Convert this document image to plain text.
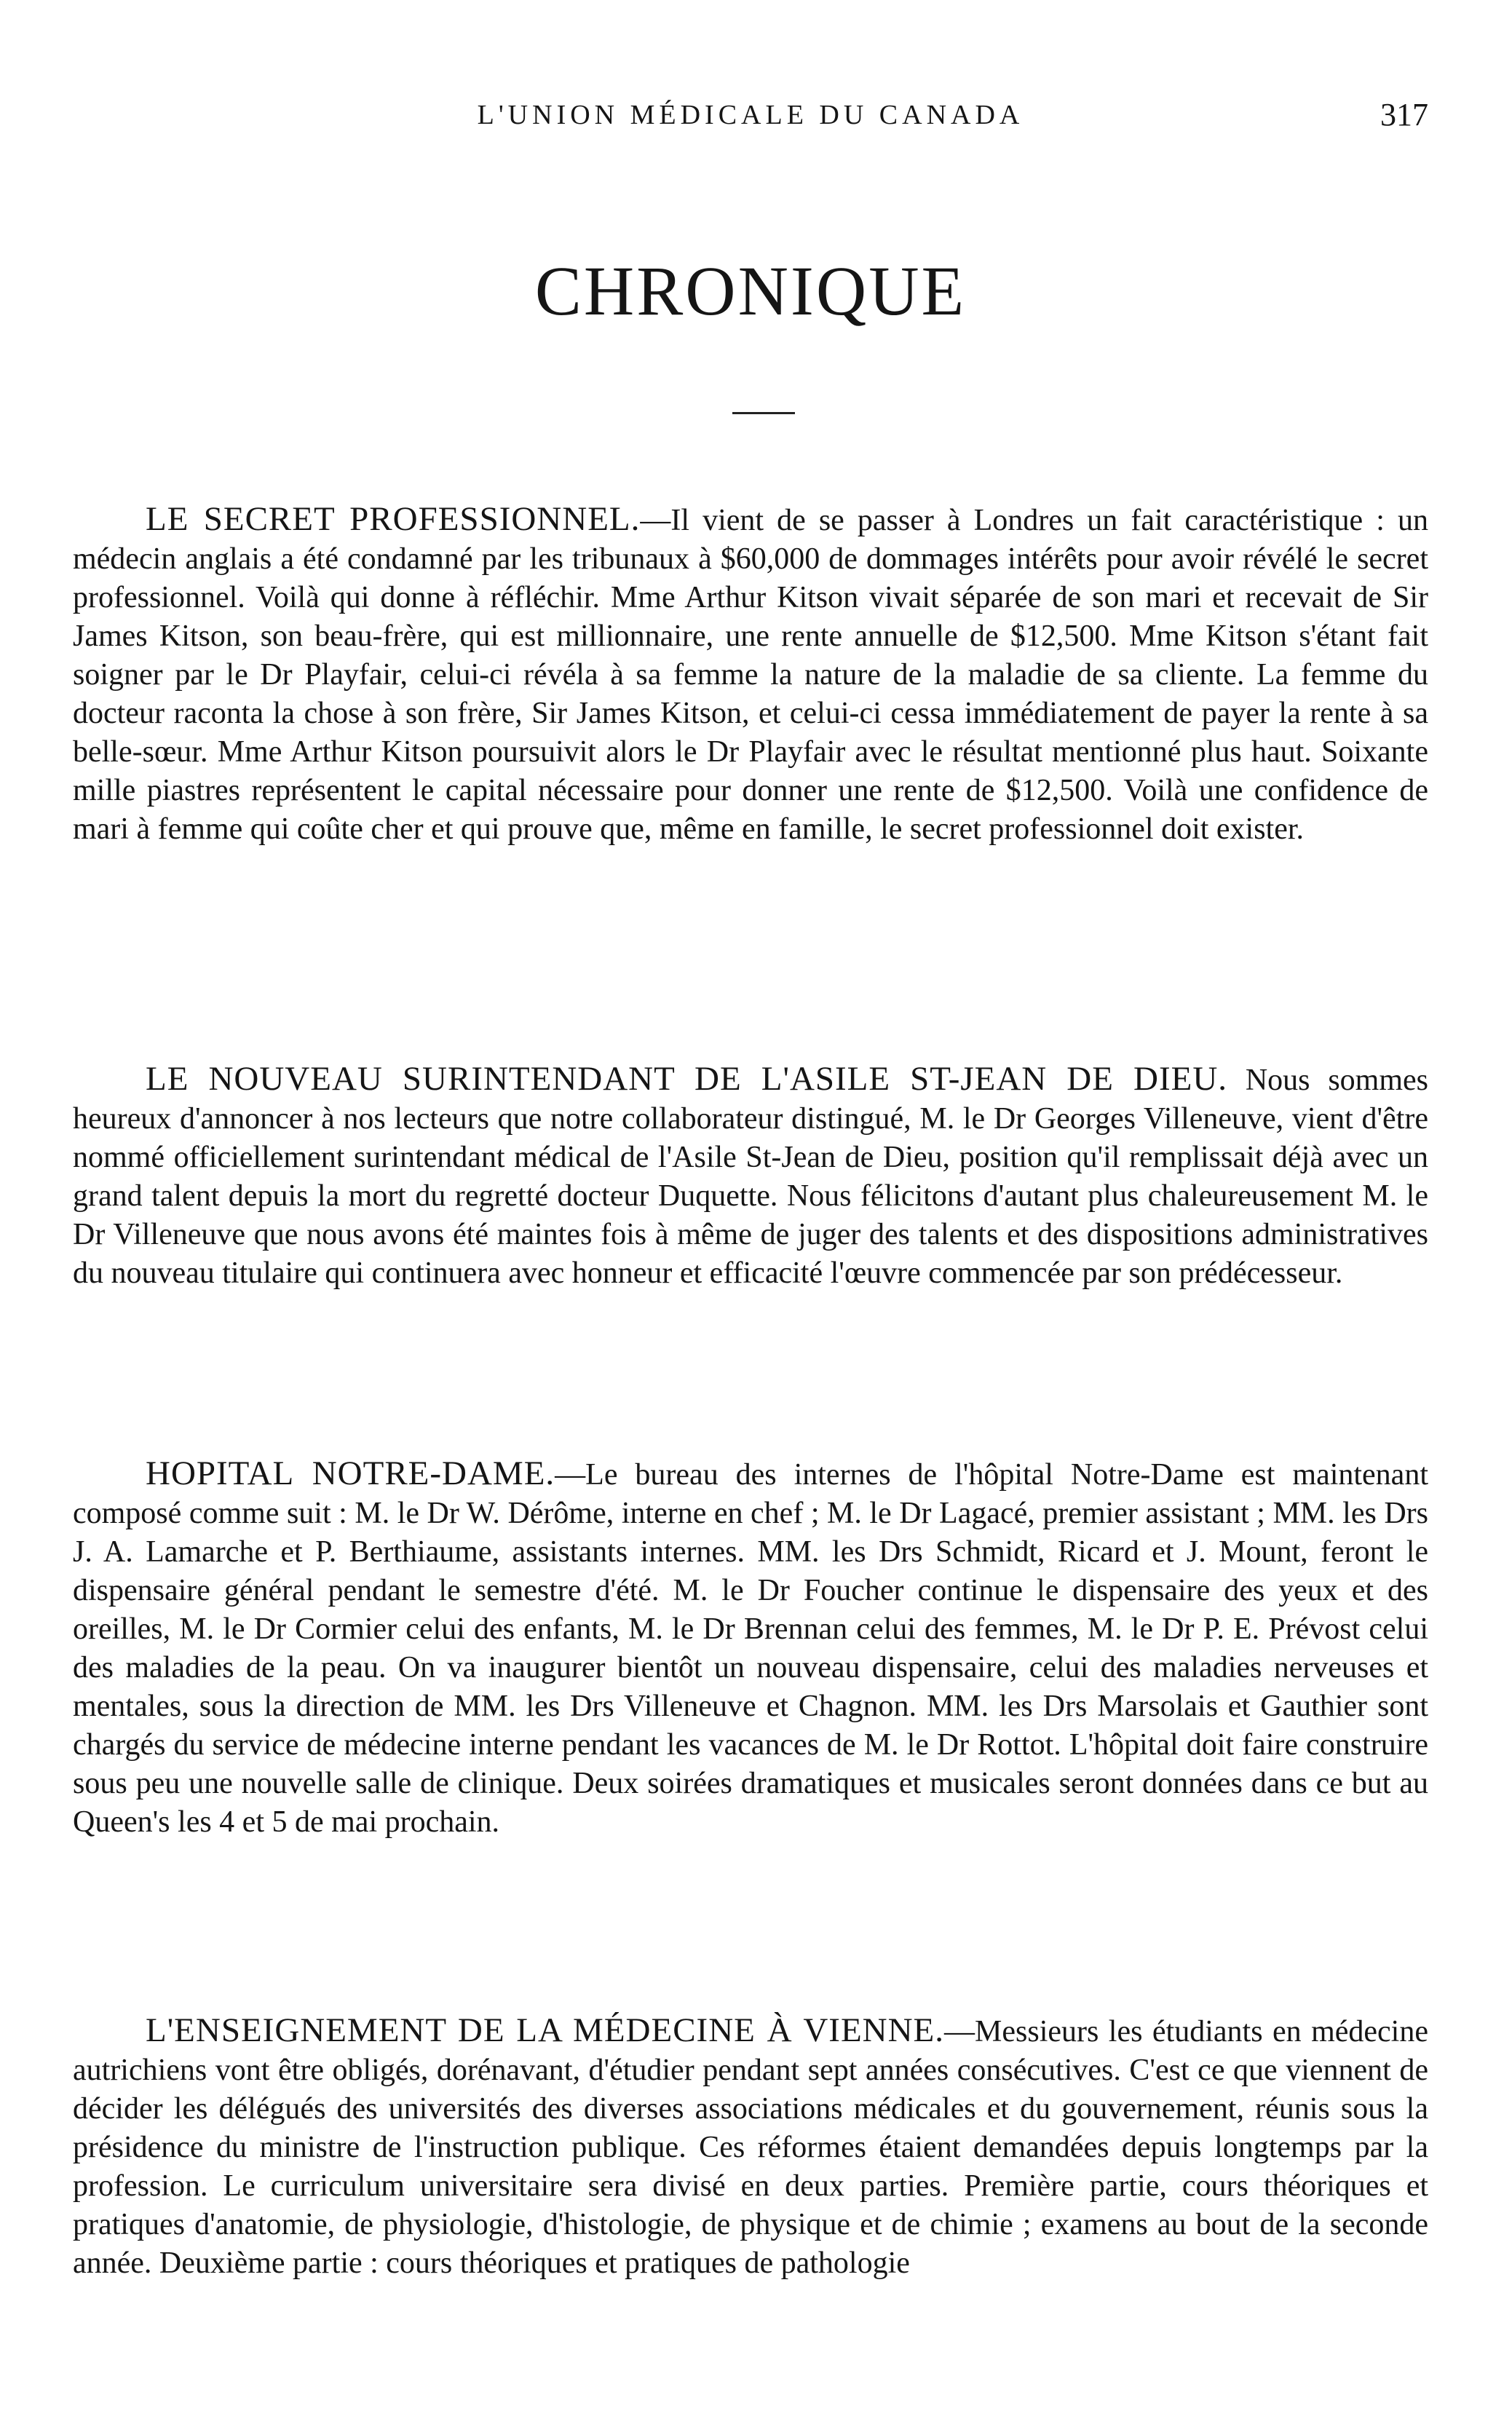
L'UNION MÉDICALE DU CANADA	317
CHRONIQUE

LE SECRET PROFESSIONNEL.—Il vient de se passer à Londres un fait caractéristique : un médecin anglais a été condamné par les tribunaux à $60,000 de dommages intérêts pour avoir révélé le secret professionnel. Voilà qui donne à réfléchir. Mme Arthur Kitson vivait séparée de son mari et recevait de Sir James Kitson, son beau-frère, qui est millionnaire, une rente annuelle de $12,500. Mme Kitson s'étant fait soigner par le Dr Playfair, celui-ci révéla à sa femme la nature de la maladie de sa cliente. La femme du docteur raconta la chose à son frère, Sir James Kitson, et celui-ci cessa immédiatement de payer la rente à sa belle-sœur. Mme Arthur Kitson poursuivit alors le Dr Playfair avec le résultat mentionné plus haut. Soixante mille piastres représentent le capital nécessaire pour donner une rente de $12,500. Voilà une confidence de mari à femme qui coûte cher et qui prouve que, même en famille, le secret professionnel doit exister.

LE NOUVEAU SURINTENDANT DE L'ASILE ST-JEAN DE DIEU. Nous sommes heureux d'annoncer à nos lecteurs que notre collaborateur distingué, M. le Dr Georges Villeneuve, vient d'être nommé officiellement surintendant médical de l'Asile St-Jean de Dieu, position qu'il remplissait déjà avec un grand talent depuis la mort du regretté docteur Duquette. Nous félicitons d'autant plus chaleureusement M. le Dr Villeneuve que nous avons été maintes fois à même de juger des talents et des dispositions administratives du nouveau titulaire qui continuera avec honneur et efficacité l'œuvre commencée par son prédécesseur.

HOPITAL NOTRE-DAME.—Le bureau des internes de l'hôpital Notre-Dame est maintenant composé comme suit : M. le Dr W. Dérôme, interne en chef ; M. le Dr Lagacé, premier assistant ; MM. les Drs J. A. Lamarche et P. Berthiaume, assistants internes. MM. les Drs Schmidt, Ricard et J. Mount, feront le dispensaire général pendant le semestre d'été. M. le Dr Foucher continue le dispensaire des yeux et des oreilles, M. le Dr Cormier celui des enfants, M. le Dr Brennan celui des femmes, M. le Dr P. E. Prévost celui des maladies de la peau. On va inaugurer bientôt un nouveau dispensaire, celui des maladies nerveuses et mentales, sous la direction de MM. les Drs Villeneuve et Chagnon. MM. les Drs Marsolais et Gauthier sont chargés du service de médecine interne pendant les vacances de M. le Dr Rottot. L'hôpital doit faire construire sous peu une nouvelle salle de clinique. Deux soirées dramatiques et musicales seront données dans ce but au Queen's les 4 et 5 de mai prochain.

L'ENSEIGNEMENT DE LA MÉDECINE À VIENNE.—Messieurs les étudiants en médecine autrichiens vont être obligés, dorénavant, d'étudier pendant sept années consécutives. C'est ce que viennent de décider les délégués des universités des diverses associations médicales et du gouvernement, réunis sous la présidence du ministre de l'instruction publique. Ces réformes étaient demandées depuis longtemps par la profession. Le curriculum universitaire sera divisé en deux parties. Première partie, cours théoriques et pratiques d'anatomie, de physiologie, d'histologie, de physique et de chimie ; examens au bout de la seconde année. Deuxième partie : cours théoriques et pratiques de pathologie
